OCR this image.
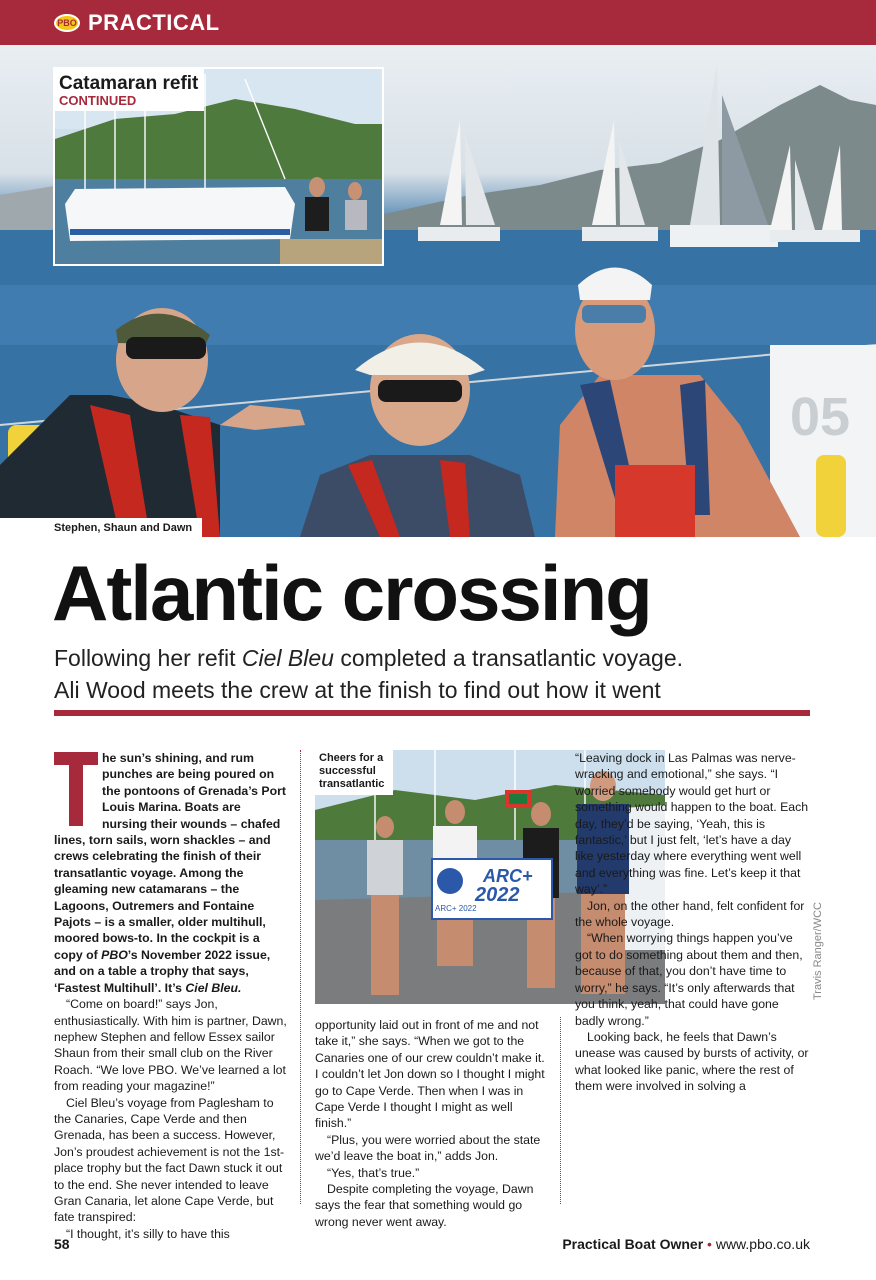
PBO PRACTICAL
05
Stephen, Shaun and Dawn
Catamaran refit
CONTINUED
Atlantic crossing
Following her refit Ciel Bleu completed a transatlantic voyage.
Ali Wood meets the crew at the finish to find out how it went

he sun’s shining, and rum punches are being poured on the pontoons of Grenada’s Port Louis Marina. Boats are nursing their wounds – chafed lines, torn sails, worn shackles – and crews celebrating the finish of their transatlantic voyage. Among the gleaming new catamarans – the Lagoons, Outremers and Fontaine Pajots – is a smaller, older multihull, moored bows-to. In the cockpit is a copy of PBO’s November 2022 issue, and on a table a trophy that says, ‘Fastest Multihull’. It’s Ciel Bleu.

“Come on board!” says Jon, enthusiastically. With him is partner, Dawn, nephew Stephen and fellow Essex sailor Shaun from their small club on the River Roach. “We love PBO. We’ve learned a lot from reading your magazine!”

Ciel Bleu’s voyage from Paglesham to the Canaries, Cape Verde and then Grenada, has been a success. However, Jon’s proudest achievement is not the 1st-place trophy but the fact Dawn stuck it out to the end. She never intended to leave Gran Canaria, let alone Cape Verde, but fate transpired:

“I thought, it’s silly to have this

ARC+
2022
ARC+ 2022
Cheers for a successful transatlantic

opportunity laid out in front of me and not take it,” she says. “When we got to the Canaries one of our crew couldn’t make it. I couldn’t let Jon down so I thought I might go to Cape Verde. Then when I was in Cape Verde I thought I might as well finish.”

“Plus, you were worried about the state we’d leave the boat in,” adds Jon.

“Yes, that’s true.”

Despite completing the voyage, Dawn says the fear that something would go wrong never went away.

“Leaving dock in Las Palmas was nerve-wracking and emotional,” she says. “I worried somebody would get hurt or something would happen to the boat. Each day, they’d be saying, ‘Yeah, this is fantastic,’ but I just felt, ‘let’s have a day like yesterday where everything went well and everything was fine. Let’s keep it that way’.”

Jon, on the other hand, felt confident for the whole voyage.

“When worrying things happen you’ve got to do something about them and then, because of that, you don’t have time to worry,” he says. “It’s only afterwards that you think, yeah, that could have gone badly wrong.”

Looking back, he feels that Dawn’s unease was caused by bursts of activity, or what looked like panic, where the rest of them were involved in solving a

Travis Ranger/WCC
58	Practical Boat Owner • www.pbo.co.uk
